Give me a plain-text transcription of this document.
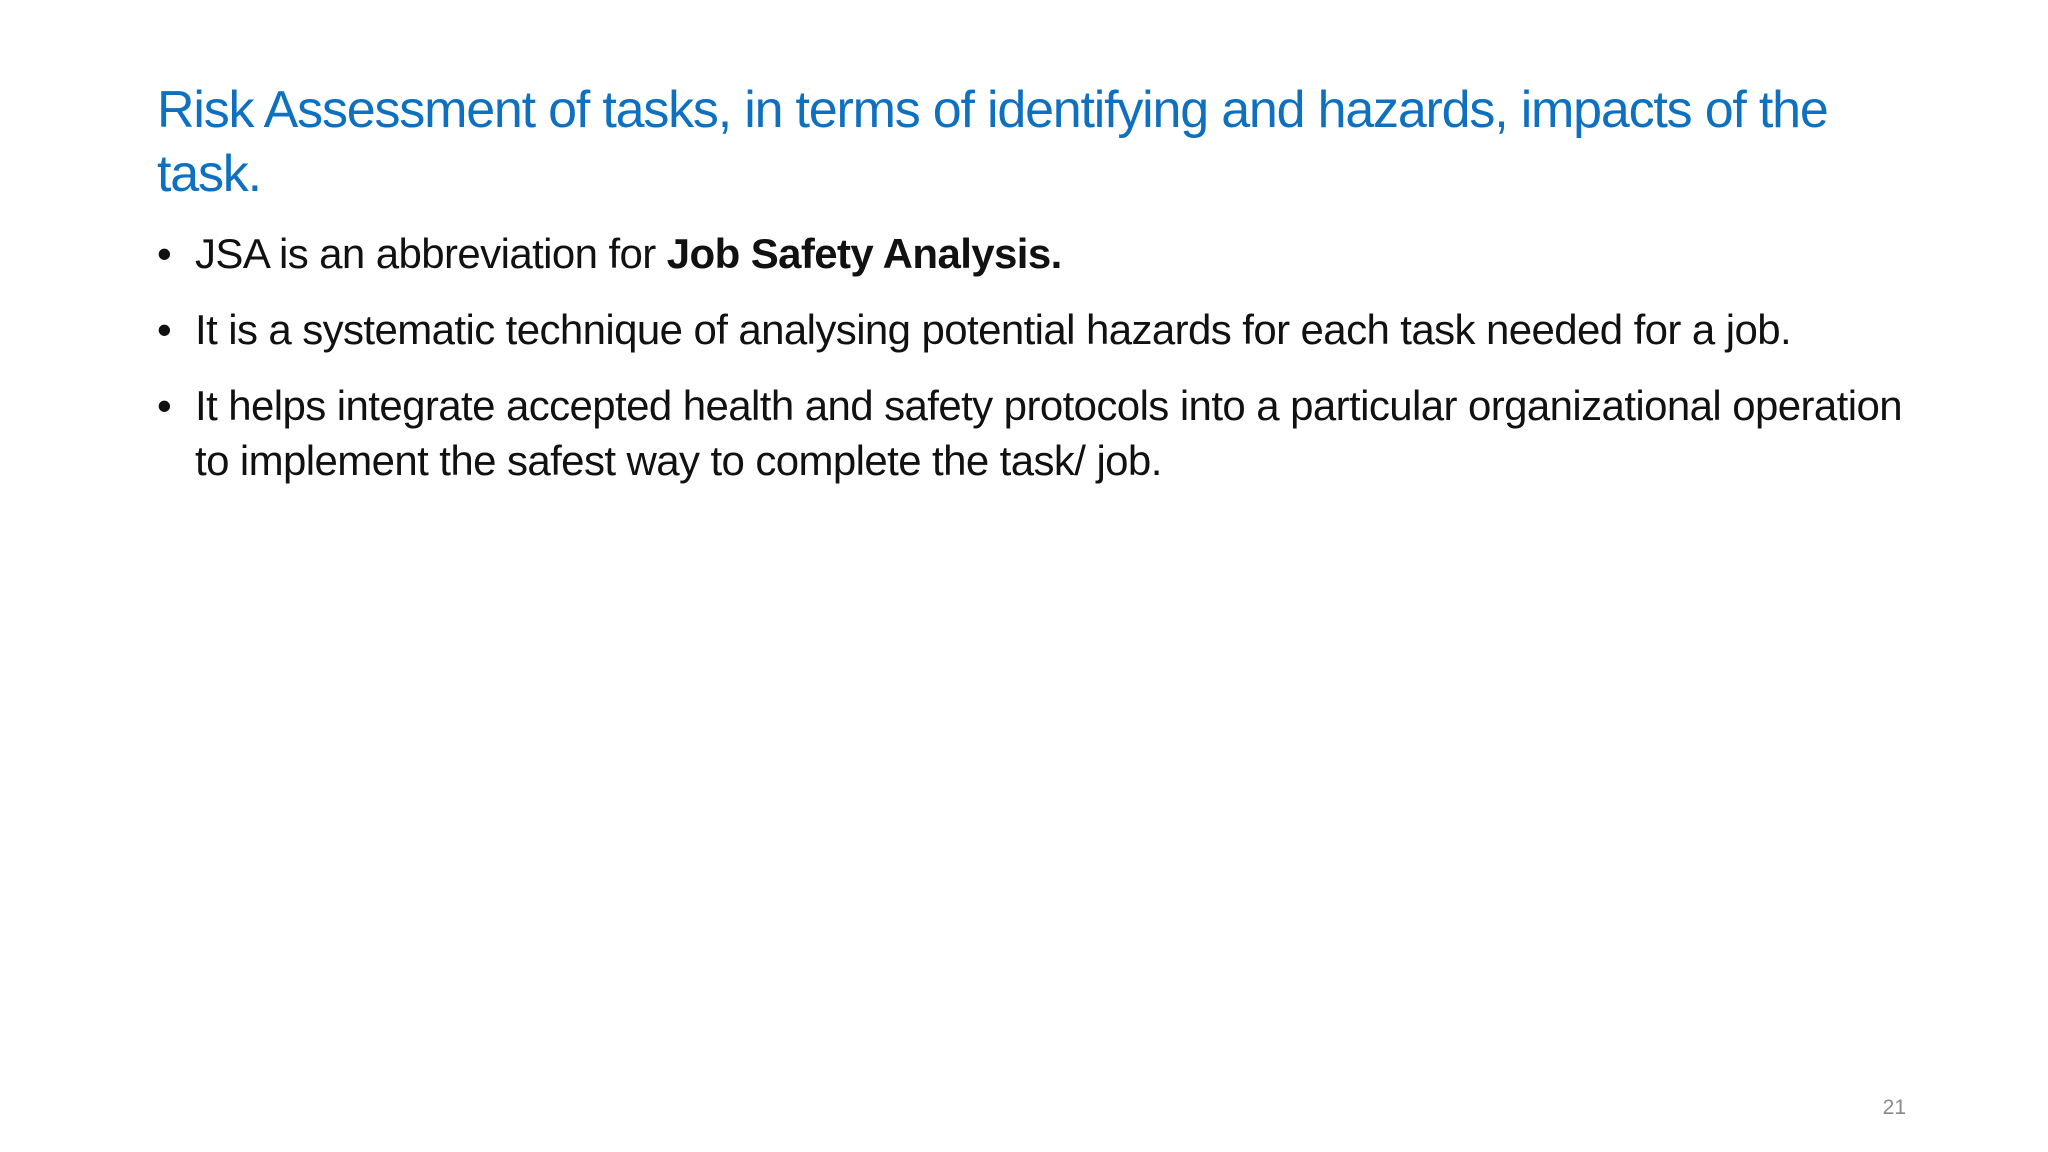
Risk Assessment of tasks, in terms of identifying and hazards, impacts of the task.
• JSA is an abbreviation for Job Safety Analysis.
• It is a systematic technique of analysing potential hazards for each task needed for a job.
• It helps integrate accepted health and safety protocols into a particular organizational operation to implement the safest way to complete the task/ job.
21
